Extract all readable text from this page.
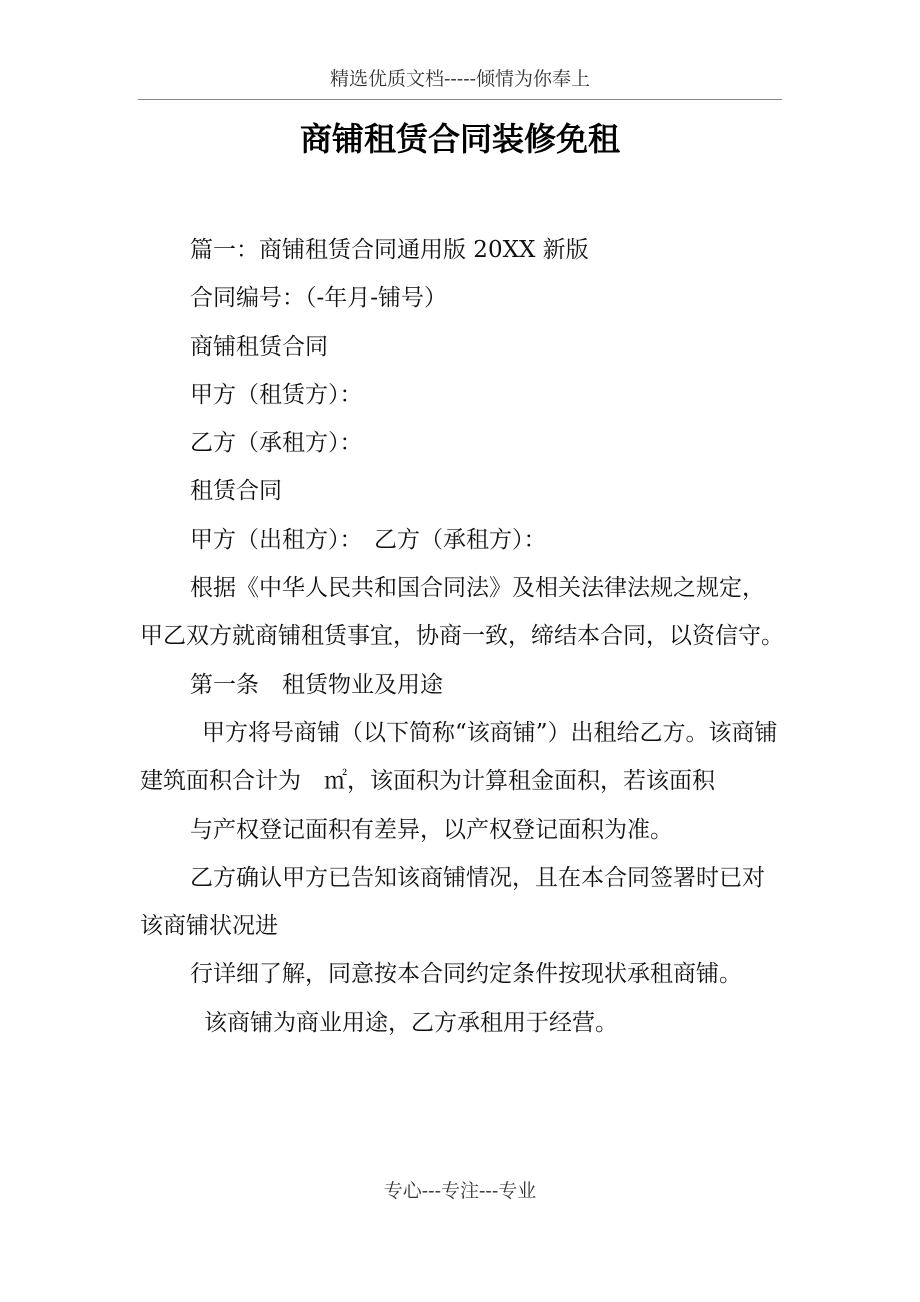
精选优质文档-----倾情为你奉上
商铺租赁合同装修免租

篇一：商铺租赁合同通用版 20XX 新版

合同编号：（-年月-铺号）

商铺租赁合同

甲方（租赁方）：

乙方（承租方）：

租赁合同

甲方（出租方）：　乙方（承租方）：

根据《中华人民共和国合同法》及相关法律法规之规定，甲乙双方就商铺租赁事宜，协商一致，缔结本合同，以资信守。

第一条　租赁物业及用途

甲方将号商铺（以下简称“该商铺”）出租给乙方。该商铺建筑面积合计为　㎡，该面积为计算租金面积，若该面积

与产权登记面积有差异，以产权登记面积为准。

乙方确认甲方已告知该商铺情况，且在本合同签署时已对该商铺状况进

行详细了解，同意按本合同约定条件按现状承租商铺。

该商铺为商业用途，乙方承租用于经营。

专心---专注---专业
